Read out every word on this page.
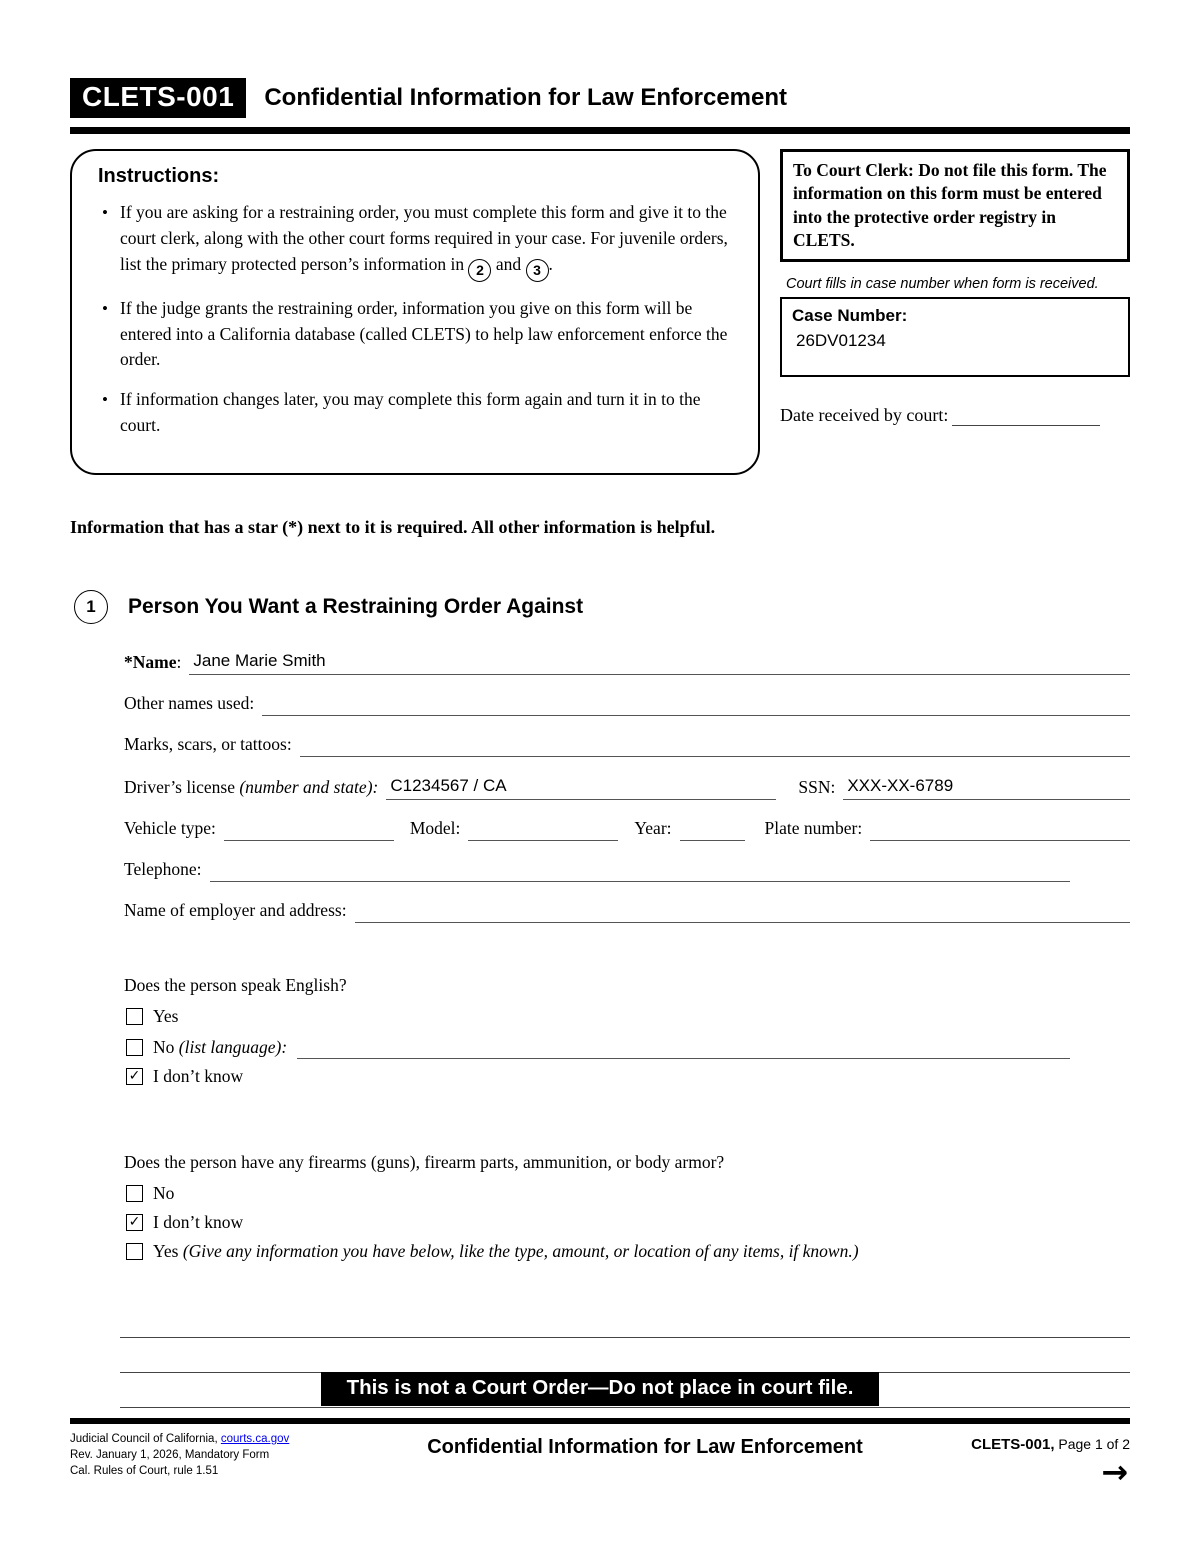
CLETS-001	Confidential Information for Law Enforcement
Instructions:
• If you are asking for a restraining order, you must complete this form and give it to the court clerk, along with the other court forms required in your case. For juvenile orders, list the primary protected person’s information in 2 and 3 .
• If the judge grants the restraining order, information you give on this form will be entered into a California database (called CLETS) to help law enforcement enforce the order.
• If information changes later, you may complete this form again and turn it in to the court.
To Court Clerk: Do not file this form. The information on this form must be entered into the protective order registry in CLETS.
Court fills in case number when form is received.
Case Number:
26DV01234
Date received by court:
Information that has a star (*) next to it is required. All other information is helpful.
1	Person You Want a Restraining Order Against
*Name: Jane Marie Smith
Other names used:
Marks, scars, or tattoos:
Driver’s license (number and state): C1234567 / CA	SSN: XXX-XX-6789
Vehicle type:	Model:	Year:	Plate number:
Telephone:
Name of employer and address:
Does the person speak English?
Yes
No
(list language):
✓ I don’t know
Does the person have any firearms (guns), firearm parts, ammunition, or body armor?
No
✓ I don’t know
Yes
(Give any information you have below, like the type, amount, or location of any items, if known.)
This is not a Court Order—Do not place in court file.
Judicial Council of California, courts.ca.gov
Rev. January 1, 2026, Mandatory Form
Cal. Rules of Court, rule 1.51
Confidential Information for Law Enforcement	CLETS-001, Page 1 of 2
→
